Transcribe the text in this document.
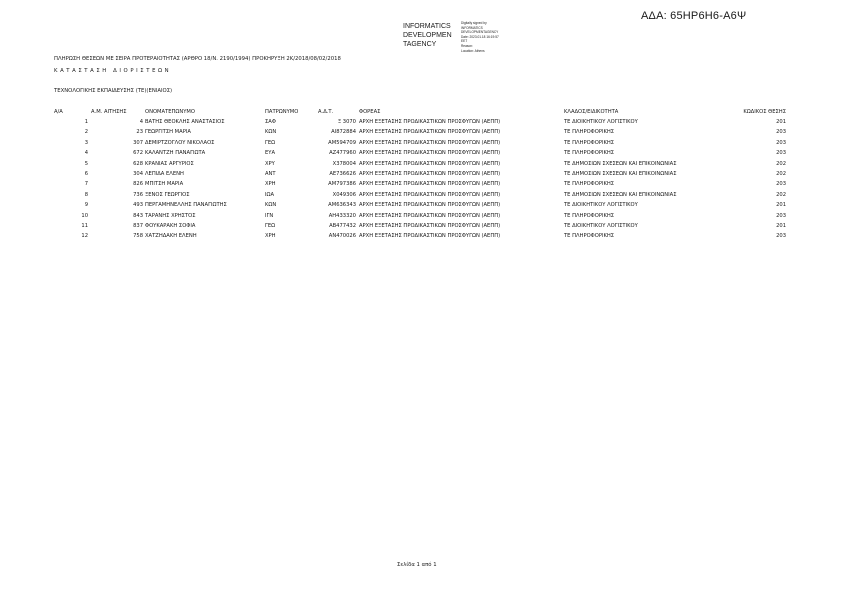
ΑΔΑ: 65ΗΡ6Η6-Α6Ψ
INFORMATICS
DEVELOPMEN
TAGENCY
Digitally signed by
INFORMATICS
DEVELOPMENTAGENCY
Date: 2023.01.18 16:19:57
EET
Reason:
Location: Athens
ΠΛΗΡΩΣΗ ΘΕΣΕΩΝ ΜΕ ΣΕΙΡΑ ΠΡΟΤΕΡΑΙΟΤΗΤΑΣ (ΑΡΘΡΟ 18/Ν. 2190/1994) ΠΡΟΚΗΡΥΞΗ 2Κ/2018/08/02/2018
ΚΑΤΑΣΤΑΣΗ ΔΙΟΡΙΣΤΕΩΝ
ΤΕΧΝΟΛΟΓΙΚΗΣ ΕΚΠΑΙΔΕΥΣΗΣ (ΤΕ)(ΕΝΙΑΙΟΣ)
Α/Α	Α.Μ. ΑΙΤΗΣΗΣ	ΟΝΟΜΑΤΕΠΩΝΥΜΟ	ΠΑΤΡΩΝΥΜΟ	Α.Δ.Τ.	ΦΟΡΕΑΣ	ΚΛΑΔΟΣ/ΕΙΔΙΚΟΤΗΤΑ	ΚΩΔΙΚΟΣ ΘΕΣΗΣ
1	4 ΒΑΤΗΣ ΘΕΟΚΛΗΣ ΑΝΑΣΤΑΣΙΟΣ	ΣΑΦ	Ξ 3070 ΑΡΧΗ ΕΞΕΤΑΣΗΣ ΠΡΟΔΙΚΑΣΤΙΚΩΝ ΠΡΟΣΦΥΓΩΝ (ΑΕΠΠ)	ΤΕ ΔΙΟΙΚΗΤΙΚΟΥ ΛΟΓΙΣΤΙΚΟΥ	201
2	23 ΓΕΩΡΓΙΤΣΗ ΜΑΡΙΑ	ΚΩΝ	ΑΙ872884 ΑΡΧΗ ΕΞΕΤΑΣΗΣ ΠΡΟΔΙΚΑΣΤΙΚΩΝ ΠΡΟΣΦΥΓΩΝ (ΑΕΠΠ)	ΤΕ ΠΛΗΡΟΦΟΡΙΚΗΣ	203
3	307 ΔΕΜΙΡΤΖΟΓΛΟΥ ΝΙΚΟΛΑΟΣ	ΓΕΩ	ΑΜ594709 ΑΡΧΗ ΕΞΕΤΑΣΗΣ ΠΡΟΔΙΚΑΣΤΙΚΩΝ ΠΡΟΣΦΥΓΩΝ (ΑΕΠΠ)	ΤΕ ΠΛΗΡΟΦΟΡΙΚΗΣ	203
4	672 ΚΑΛΑΝΤΖΗ ΠΑΝΑΓΙΩΤΑ	ΕΥΑ	ΑΖ477960 ΑΡΧΗ ΕΞΕΤΑΣΗΣ ΠΡΟΔΙΚΑΣΤΙΚΩΝ ΠΡΟΣΦΥΓΩΝ (ΑΕΠΠ)	ΤΕ ΠΛΗΡΟΦΟΡΙΚΗΣ	203
5	628 ΚΡΑΝΙΑΣ ΑΡΓΥΡΙΟΣ	ΧΡΥ	Χ378004 ΑΡΧΗ ΕΞΕΤΑΣΗΣ ΠΡΟΔΙΚΑΣΤΙΚΩΝ ΠΡΟΣΦΥΓΩΝ (ΑΕΠΠ)	ΤΕ ΔΗΜΟΣΙΩΝ ΣΧΕΣΕΩΝ ΚΑΙ ΕΠΙΚΟΙΝΩΝΙΑΣ	202
6	304 ΛΕΠΙΔΑ ΕΛΕΝΗ	ΑΝΤ	ΑΕ736626 ΑΡΧΗ ΕΞΕΤΑΣΗΣ ΠΡΟΔΙΚΑΣΤΙΚΩΝ ΠΡΟΣΦΥΓΩΝ (ΑΕΠΠ)	ΤΕ ΔΗΜΟΣΙΩΝ ΣΧΕΣΕΩΝ ΚΑΙ ΕΠΙΚΟΙΝΩΝΙΑΣ	202
7	826 ΜΠΙΤΣΗ ΜΑΡΙΑ	ΧΡΗ	ΑΜ797386 ΑΡΧΗ ΕΞΕΤΑΣΗΣ ΠΡΟΔΙΚΑΣΤΙΚΩΝ ΠΡΟΣΦΥΓΩΝ (ΑΕΠΠ)	ΤΕ ΠΛΗΡΟΦΟΡΙΚΗΣ	203
8	736 ΞΕΝΟΣ ΓΕΩΡΓΙΟΣ	ΙΩΑ	Χ049306 ΑΡΧΗ ΕΞΕΤΑΣΗΣ ΠΡΟΔΙΚΑΣΤΙΚΩΝ ΠΡΟΣΦΥΓΩΝ (ΑΕΠΠ)	ΤΕ ΔΗΜΟΣΙΩΝ ΣΧΕΣΕΩΝ ΚΑΙ ΕΠΙΚΟΙΝΩΝΙΑΣ	202
9	493 ΠΕΡΓΑΜΗΝΕΛΛΗΣ ΠΑΝΑΓΙΩΤΗΣ	ΚΩΝ	ΑΜ636343 ΑΡΧΗ ΕΞΕΤΑΣΗΣ ΠΡΟΔΙΚΑΣΤΙΚΩΝ ΠΡΟΣΦΥΓΩΝ (ΑΕΠΠ)	ΤΕ ΔΙΟΙΚΗΤΙΚΟΥ ΛΟΓΙΣΤΙΚΟΥ	201
10	843 ΤΑΡΑΝΗΣ ΧΡΗΣΤΟΣ	ΙΓΝ	ΑΗ433320 ΑΡΧΗ ΕΞΕΤΑΣΗΣ ΠΡΟΔΙΚΑΣΤΙΚΩΝ ΠΡΟΣΦΥΓΩΝ (ΑΕΠΠ)	ΤΕ ΠΛΗΡΟΦΟΡΙΚΗΣ	203
11	837 ΦΟΥΚΑΡΑΚΗ ΣΟΦΙΑ	ΓΕΩ	ΑΒ477432 ΑΡΧΗ ΕΞΕΤΑΣΗΣ ΠΡΟΔΙΚΑΣΤΙΚΩΝ ΠΡΟΣΦΥΓΩΝ (ΑΕΠΠ)	ΤΕ ΔΙΟΙΚΗΤΙΚΟΥ ΛΟΓΙΣΤΙΚΟΥ	201
12	758 ΧΑΤΖΗΔΑΚΗ ΕΛΕΝΗ	ΧΡΗ	ΑΝ470026 ΑΡΧΗ ΕΞΕΤΑΣΗΣ ΠΡΟΔΙΚΑΣΤΙΚΩΝ ΠΡΟΣΦΥΓΩΝ (ΑΕΠΠ)	ΤΕ ΠΛΗΡΟΦΟΡΙΚΗΣ	203
Σελίδα 1 από 1
